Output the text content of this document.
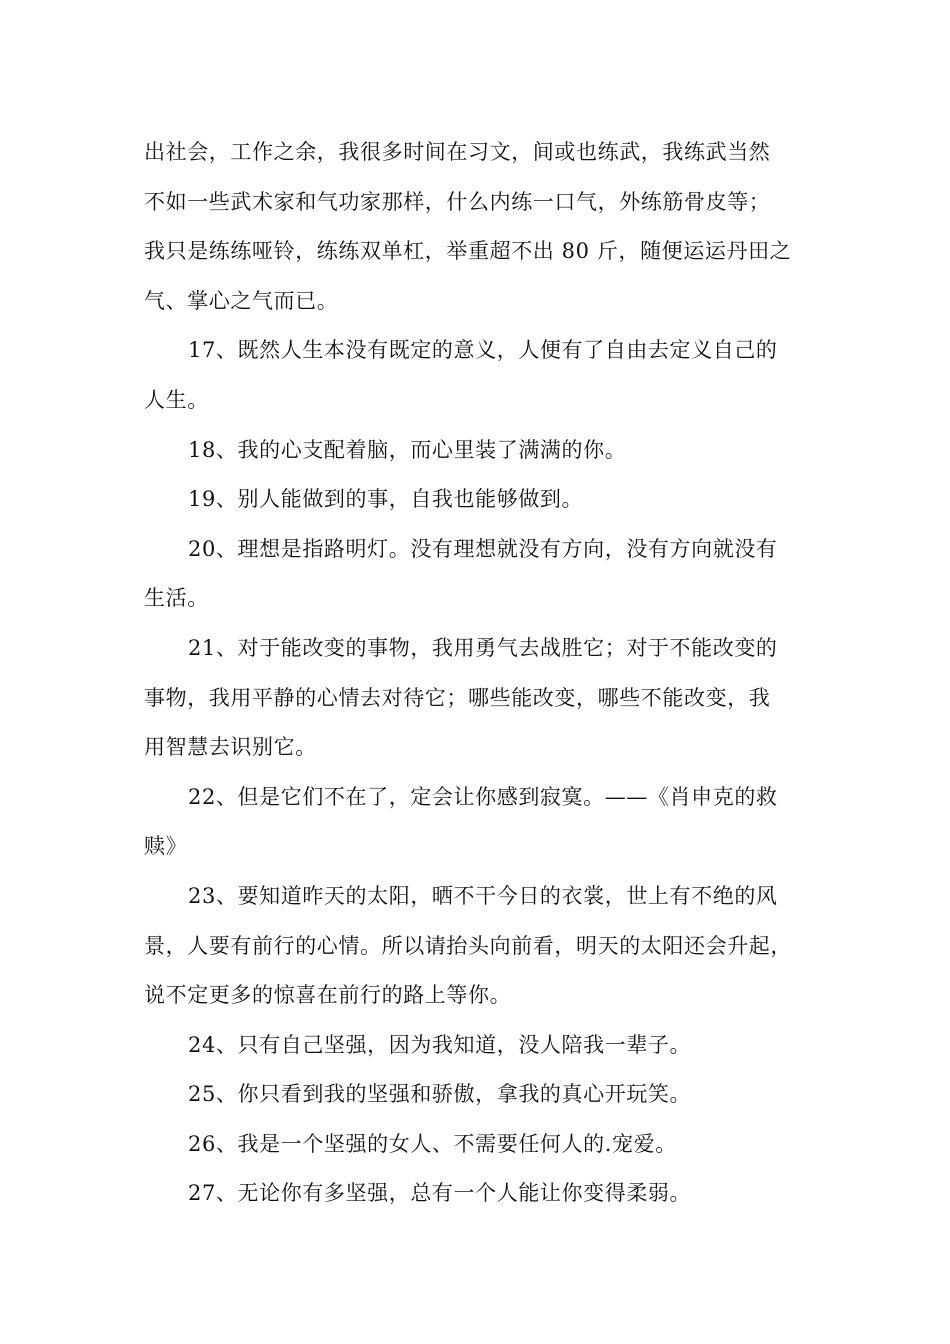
出社会，工作之余，我很多时间在习文，间或也练武，我练武当然
不如一些武术家和气功家那样，什么内练一口气，外练筋骨皮等；
我只是练练哑铃，练练双单杠，举重超不出 80 斤，随便运运丹田之
气、掌心之气而已。
17、既然人生本没有既定的意义，人便有了自由去定义自己的
人生。
18、我的心支配着脑，而心里装了满满的你。
19、别人能做到的事，自我也能够做到。
20、理想是指路明灯。没有理想就没有方向，没有方向就没有
生活。
21、对于能改变的事物，我用勇气去战胜它；对于不能改变的
事物，我用平静的心情去对待它；哪些能改变，哪些不能改变，我
用智慧去识别它。
22、但是它们不在了，定会让你感到寂寞。——《肖申克的救
赎》
23、要知道昨天的太阳，晒不干今日的衣裳，世上有不绝的风
景，人要有前行的心情。所以请抬头向前看，明天的太阳还会升起，
说不定更多的惊喜在前行的路上等你。
24、只有自己坚强，因为我知道，没人陪我一辈子。
25、你只看到我的坚强和骄傲，拿我的真心开玩笑。
26、我是一个坚强的女人、不需要任何人的.宠爱。
27、无论你有多坚强，总有一个人能让你变得柔弱。
